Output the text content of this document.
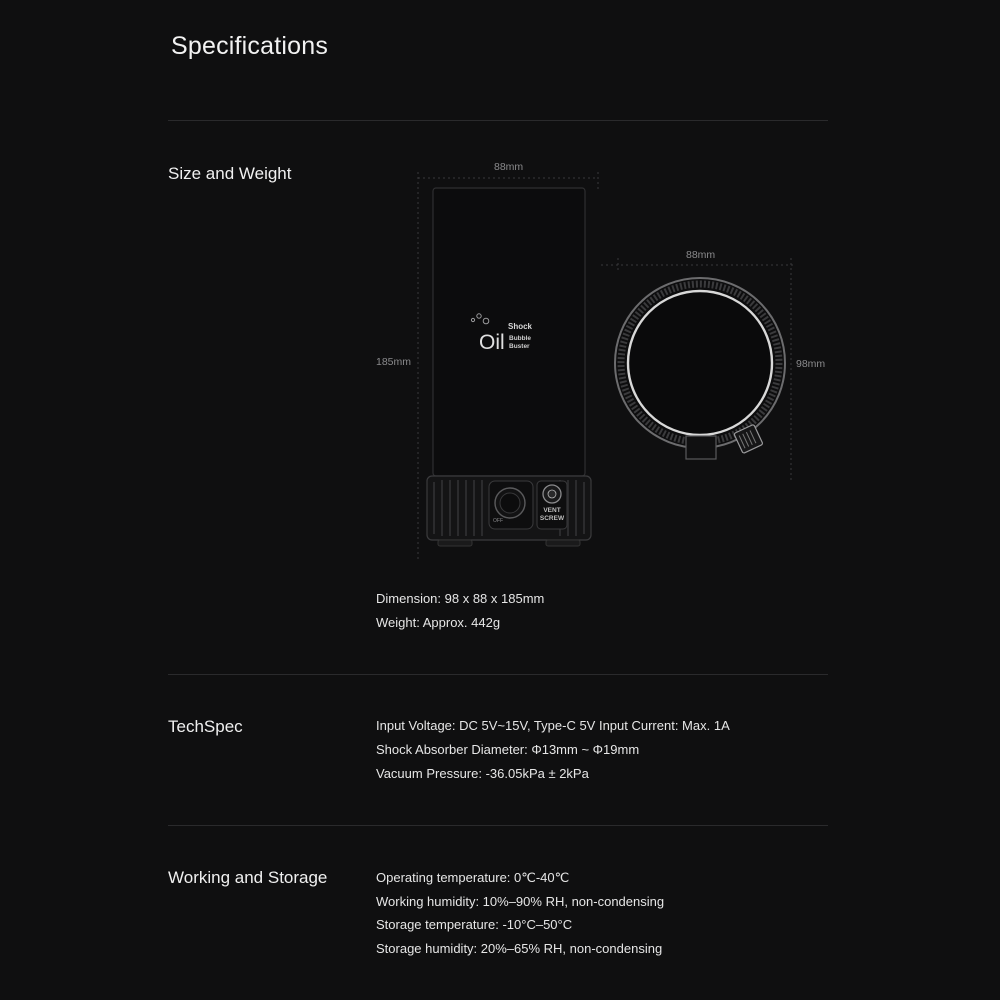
Specifications
Size and Weight
Shock
Oil Bubble
Buster
OFF
VENT
SCREW
88mm
185mm
88mm
98mm
Dimension: 98 x 88 x 185mm
Weight: Approx. 442g
TechSpec	Input Voltage: DC 5V~15V, Type-C 5V Input Current: Max. 1A
Shock Absorber Diameter: Φ13mm ~ Φ19mm
Vacuum Pressure: -36.05kPa ± 2kPa
Working and Storage	Operating temperature: 0℃-40℃
Working humidity: 10%–90% RH, non-condensing
Storage temperature: -10°C–50°C
Storage humidity: 20%–65% RH, non-condensing
